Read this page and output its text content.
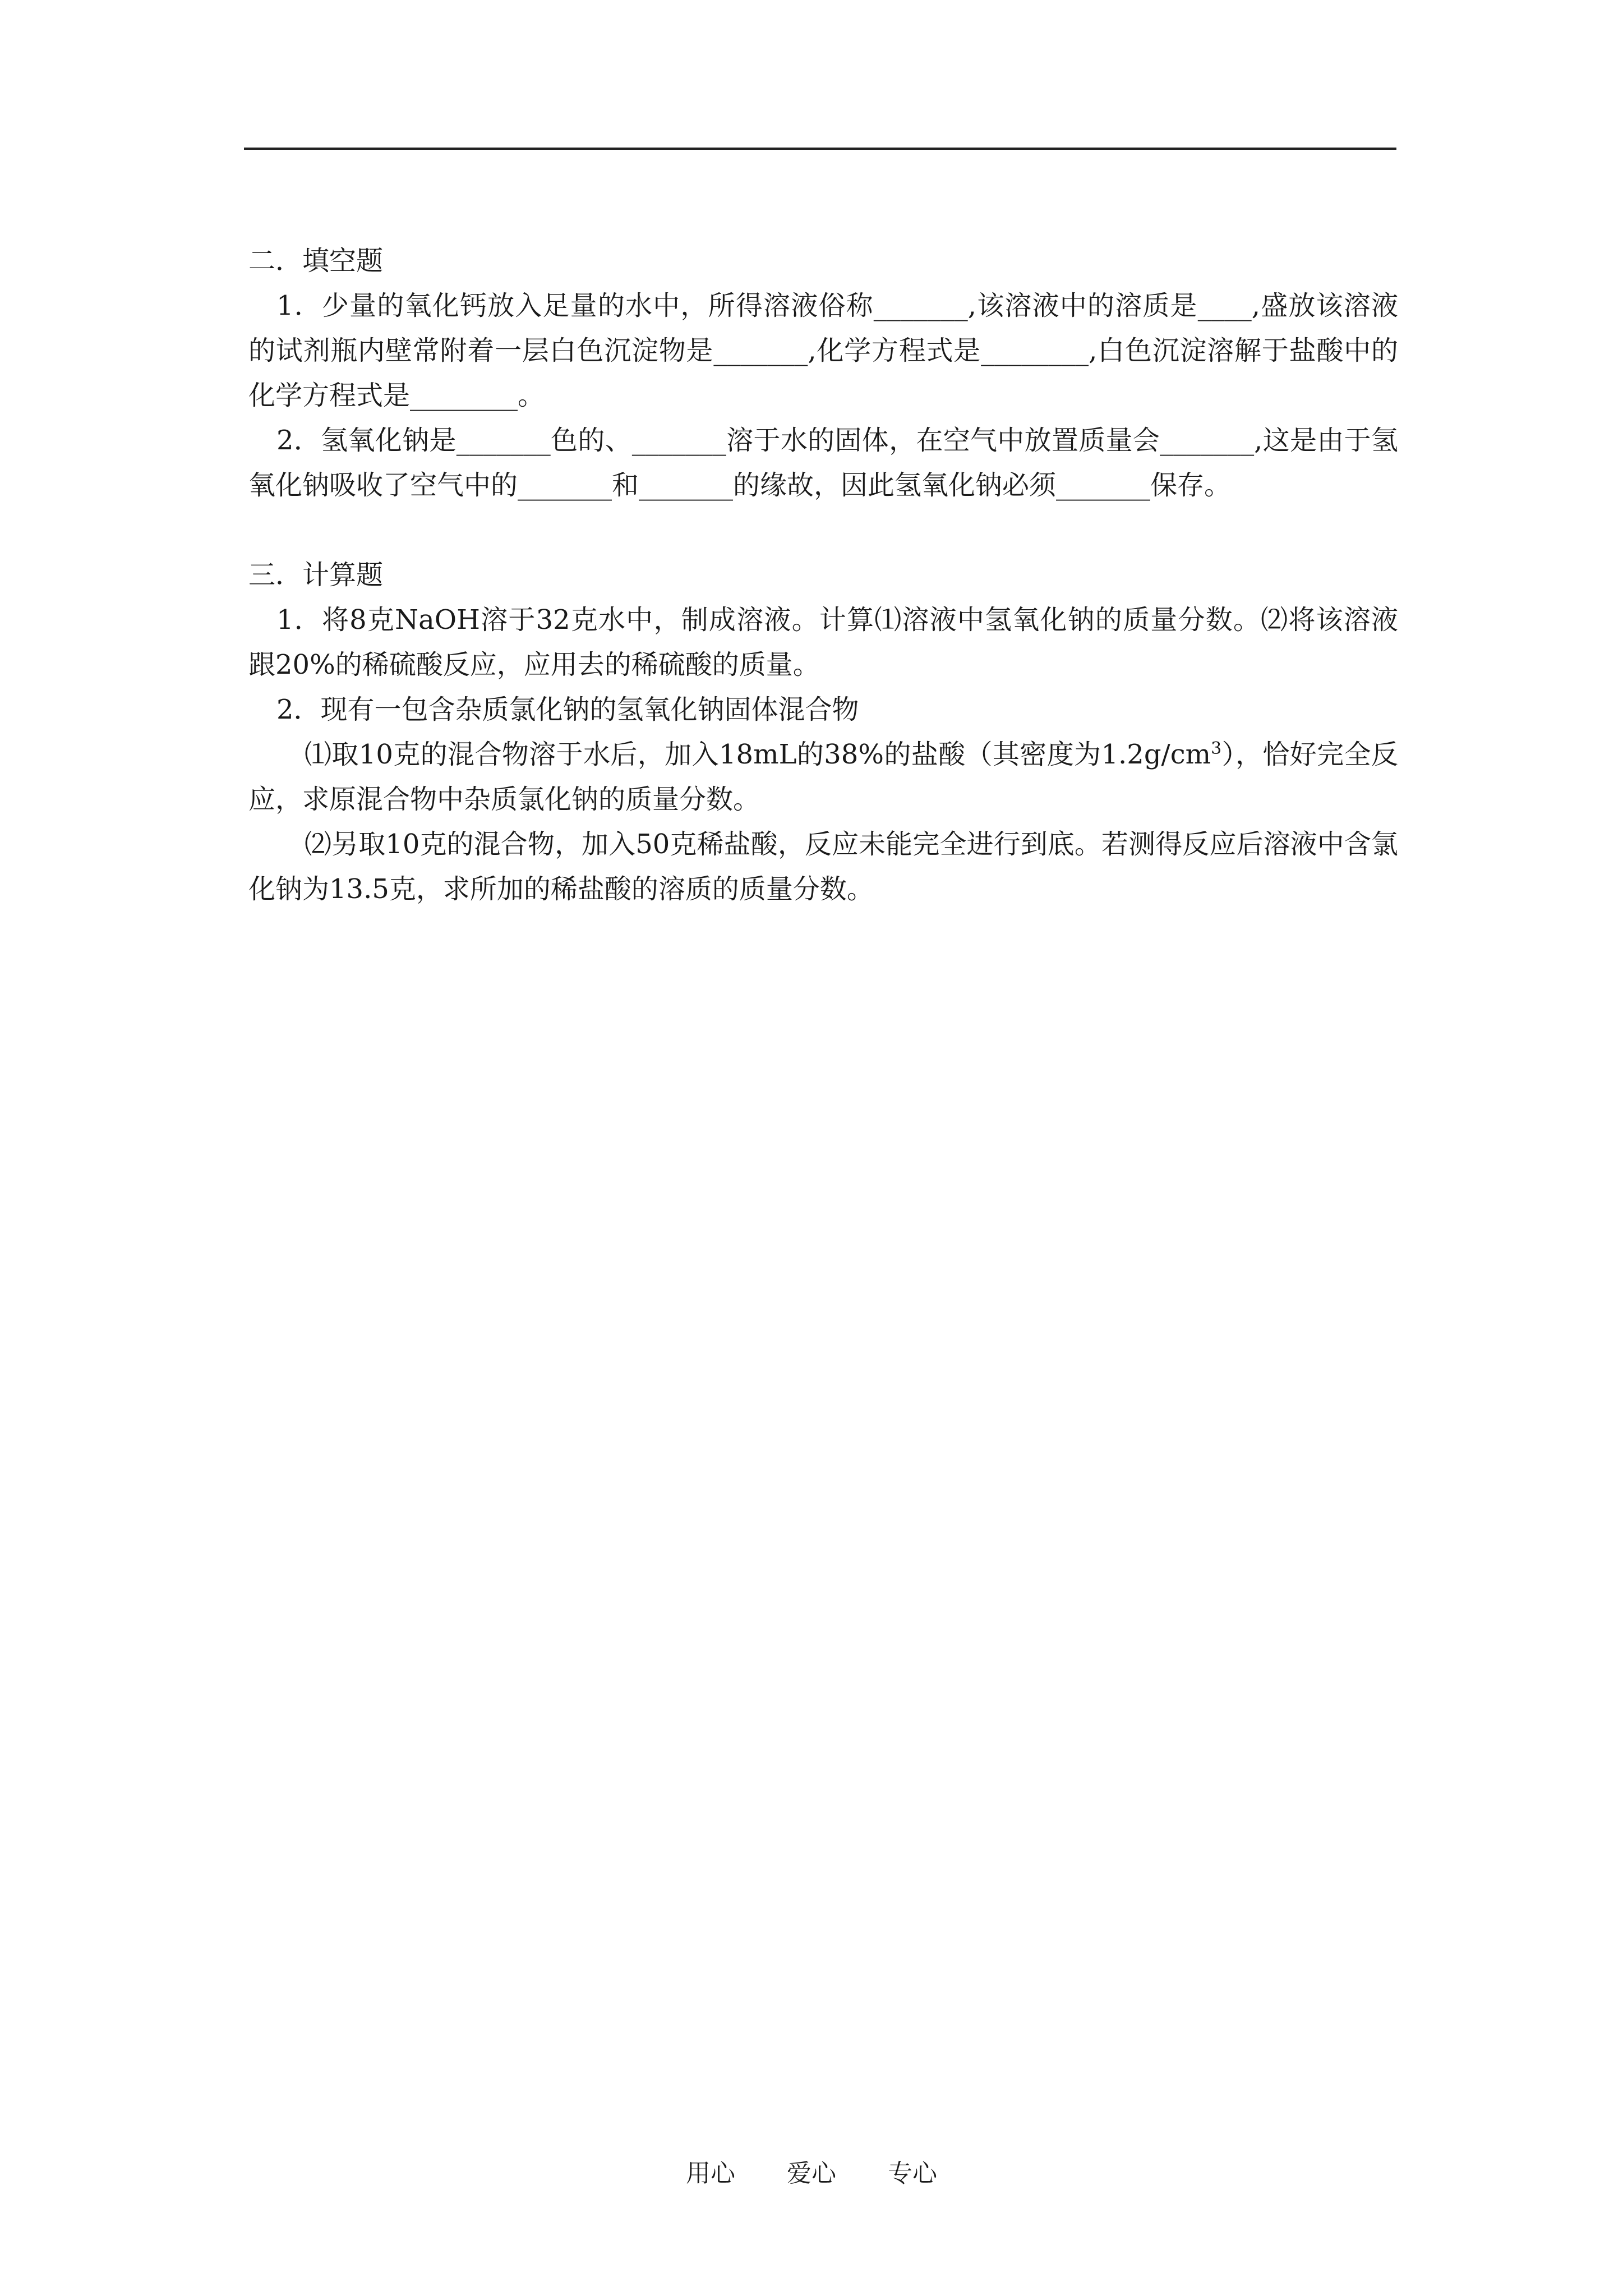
二．填空题

1．少量的氧化钙放入足量的水中，所得溶液俗称_______,该溶液中的溶质是____,盛放该溶液的试剂瓶内壁常附着一层白色沉淀物是_______,化学方程式是________,白色沉淀溶解于盐酸中的化学方程式是________。

2．氢氧化钠是_______色的、_______溶于水的固体，在空气中放置质量会_______,这是由于氢氧化钠吸收了空气中的_______和_______的缘故，因此氢氧化钠必须_______保存。

三．计算题

1．将8克NaOH溶于32克水中，制成溶液。计算⑴溶液中氢氧化钠的质量分数。⑵将该溶液跟20%的稀硫酸反应，应用去的稀硫酸的质量。

2．现有一包含杂质氯化钠的氢氧化钠固体混合物

⑴取10克的混合物溶于水后，加入18mL的38%的盐酸（其密度为$1.2g/cm^3$），恰好完全反应，求原混合物中杂质氯化钠的质量分数。

⑵另取10克的混合物，加入50克稀盐酸，反应未能完全进行到底。若测得反应后溶液中含氯化钠为13.5克，求所加的稀盐酸的溶质的质量分数。

用心 爱心 专心
